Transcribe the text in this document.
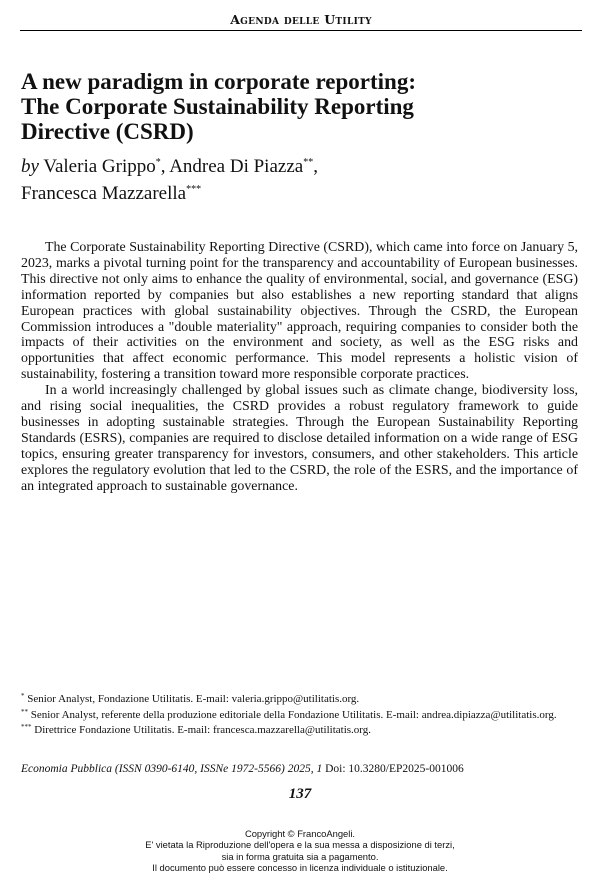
Agenda delle Utility
A new paradigm in corporate reporting:
The Corporate Sustainability Reporting
Directive (CSRD)
by Valeria Grippo*, Andrea Di Piazza**,
Francesca Mazzarella***

The Corporate Sustainability Reporting Directive (CSRD), which came into force on January 5, 2023, marks a pivotal turning point for the transparency and accountability of European businesses. This directive not only aims to enhance the quality of environmental, social, and governance (ESG) information reported by companies but also establishes a new reporting standard that aligns European practices with global sustainability objectives. Through the CSRD, the European Commission introduces a "double materiality" approach, requiring companies to consider both the impacts of their activities on the environment and society, as well as the ESG risks and opportunities that affect economic performance. This model represents a holistic vision of sustainability, fostering a transition toward more responsible corporate practices.

In a world increasingly challenged by global issues such as climate change, biodiversity loss, and rising social inequalities, the CSRD provides a robust regulatory framework to guide businesses in adopting sustainable strategies. Through the European Sustainability Reporting Standards (ESRS), companies are required to disclose detailed information on a wide range of ESG topics, ensuring greater transparency for investors, consumers, and other stakeholders. This article explores the regulatory evolution that led to the CSRD, the role of the ESRS, and the importance of an integrated approach to sustainable governance.

* Senior Analyst, Fondazione Utilitatis. E-mail: valeria.grippo@utilitatis.org.

** Senior Analyst, referente della produzione editoriale della Fondazione Utilitatis. E-mail: andrea.dipiazza@utilitatis.org.

*** Direttrice Fondazione Utilitatis. E-mail: francesca.mazzarella@utilitatis.org.

Economia Pubblica (ISSN 0390-6140, ISSNe 1972-5566) 2025, 1 Doi: 10.3280/EP2025-001006
137
Copyright © FrancoAngeli.
E' vietata la Riproduzione dell'opera e la sua messa a disposizione di terzi,
sia in forma gratuita sia a pagamento.
Il documento può essere concesso in licenza individuale o istituzionale.
